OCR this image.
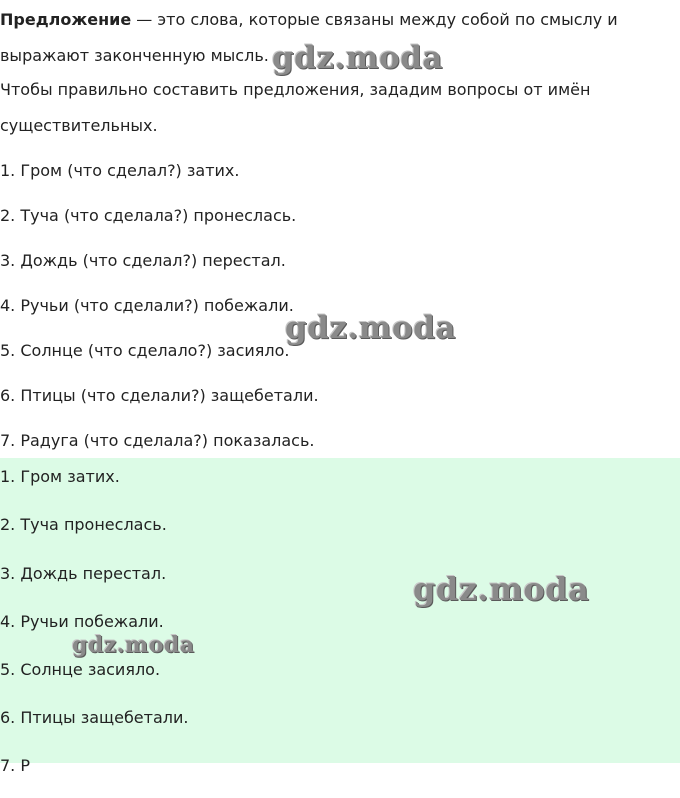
Предложение — это слова, которые связаны между собой по смыслу и выражают законченную мысль.

Чтобы правильно составить предложения, зададим вопросы от имён существительных.

1. Гром (что сделал?) затих.

2. Туча (что сделала?) пронеслась.

3. Дождь (что сделал?) перестал.

4. Ручьи (что сделали?) побежали.

5. Солнце (что сделало?) засияло.

6. Птицы (что сделали?) защебетали.

7. Радуга (что сделала?) показалась.

1. Гром затих.

2. Туча пронеслась.

3. Дождь перестал.

4. Ручьи побежали.

5. Солнце засияло.

6. Птицы защебетали.

7. Р

gdz.moda
gdz.moda
gdz.moda
gdz.moda
